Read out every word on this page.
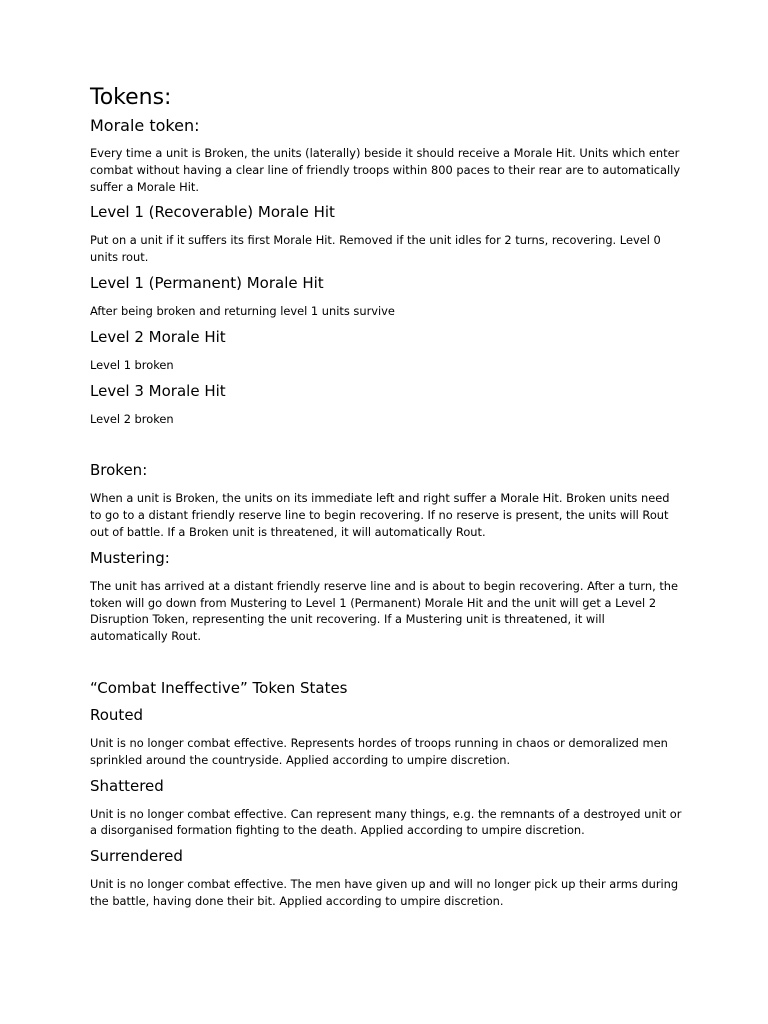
Tokens:
Morale token:

Every time a unit is Broken, the units (laterally) beside it should receive a Morale Hit. Units which enter combat without having a clear line of friendly troops within 800 paces to their rear are to automatically suffer a Morale Hit.

Level 1 (Recoverable) Morale Hit

Put on a unit if it suffers its first Morale Hit. Removed if the unit idles for 2 turns, recovering. Level 0 units rout.

Level 1 (Permanent) Morale Hit

After being broken and returning level 1 units survive

Level 2 Morale Hit

Level 1 broken

Level 3 Morale Hit

Level 2 broken

Broken:

When a unit is Broken, the units on its immediate left and right suffer a Morale Hit. Broken units need to go to a distant friendly reserve line to begin recovering. If no reserve is present, the units will Rout out of battle. If a Broken unit is threatened, it will automatically Rout.

Mustering:

The unit has arrived at a distant friendly reserve line and is about to begin recovering. After a turn, the token will go down from Mustering to Level 1 (Permanent) Morale Hit and the unit will get a Level 2 Disruption Token, representing the unit recovering. If a Mustering unit is threatened, it will automatically Rout.

“Combat Ineffective” Token States
Routed

Unit is no longer combat effective. Represents hordes of troops running in chaos or demoralized men sprinkled around the countryside. Applied according to umpire discretion.

Shattered

Unit is no longer combat effective. Can represent many things, e.g. the remnants of a destroyed unit or a disorganised formation fighting to the death. Applied according to umpire discretion.

Surrendered

Unit is no longer combat effective. The men have given up and will no longer pick up their arms during the battle, having done their bit. Applied according to umpire discretion.
